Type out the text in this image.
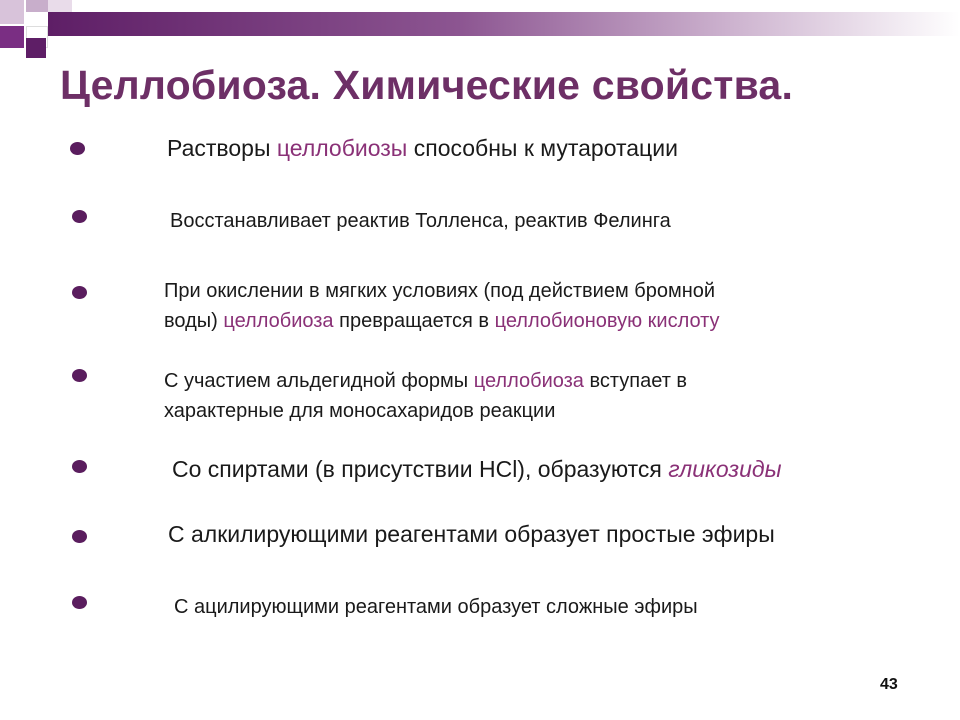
Целлобиоза. Химические свойства.
Растворы целлобиозы способны к мутаротации
Восстанавливает реактив Толленса, реактив Фелинга
При окислении в мягких условиях (под действием бромной
воды) целлобиоза превращается в целлобионовую кислоту
С участием альдегидной формы целлобиоза вступает в
характерные для моносахаридов реакции
Со спиртами (в присутствии НСl), образуются гликозиды
С алкилирующими реагентами образует простые эфиры
С ацилирующими реагентами образует сложные эфиры
43
